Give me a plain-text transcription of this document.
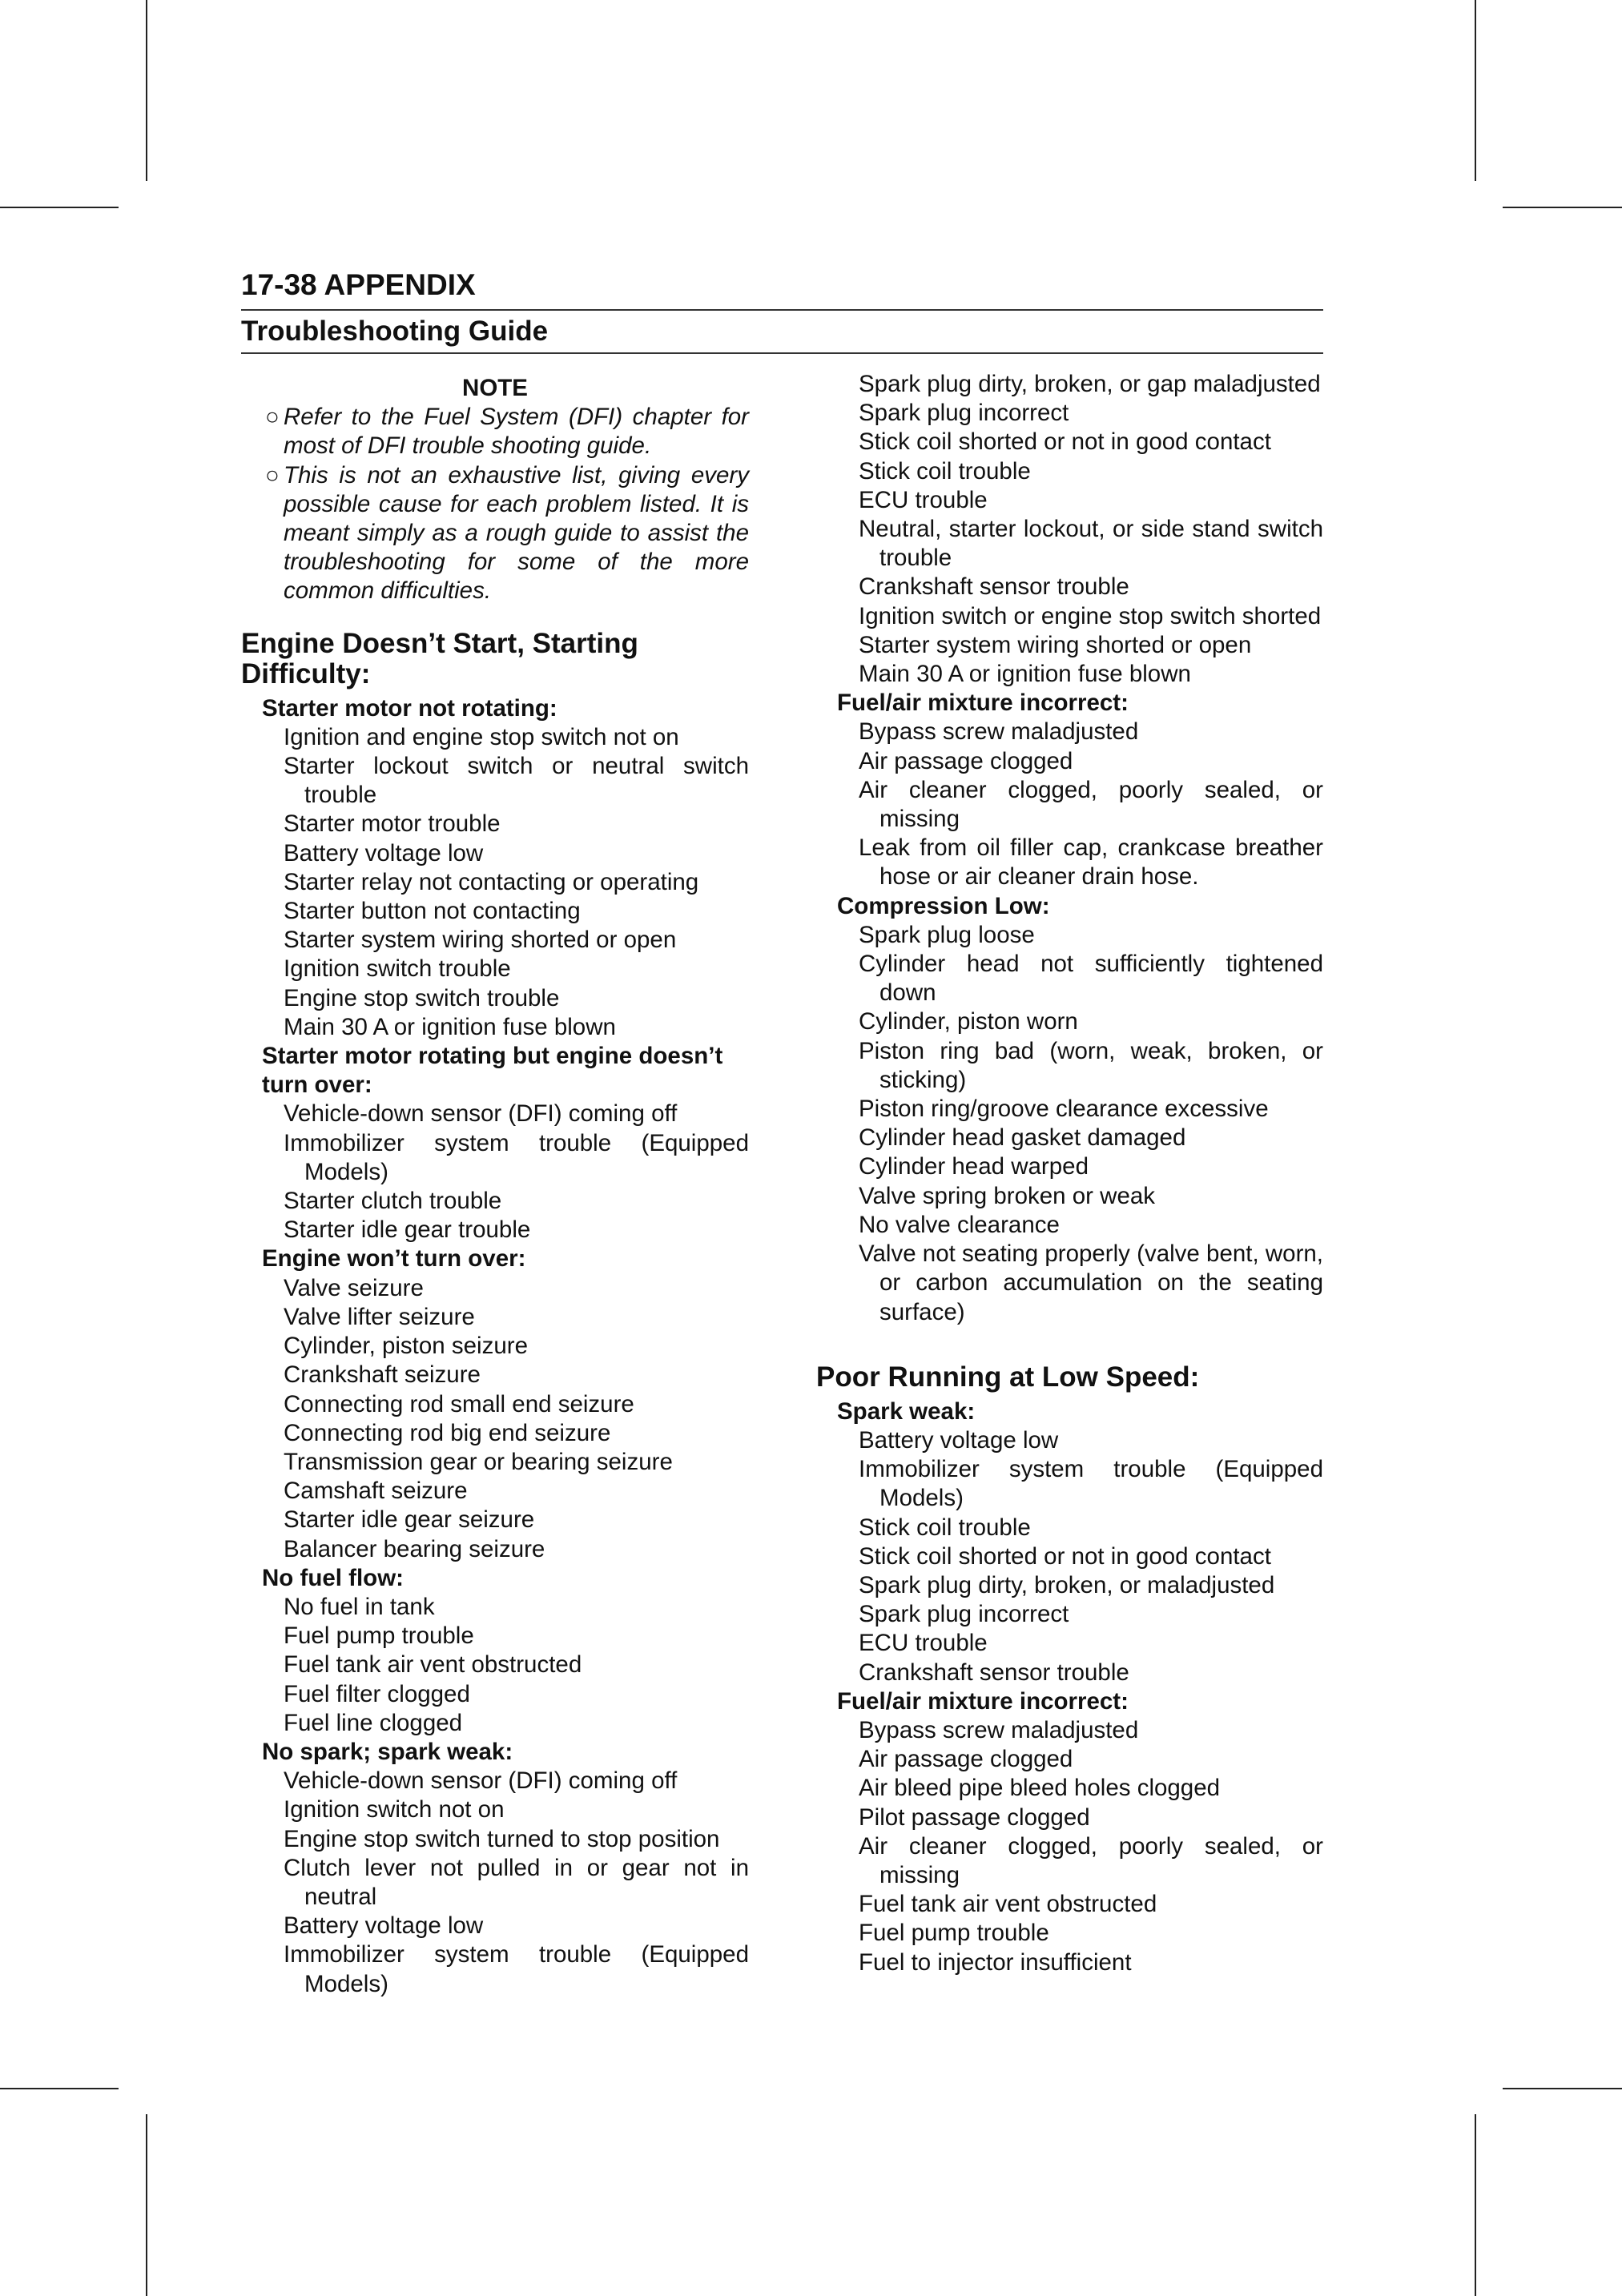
17-38 APPENDIX
Troubleshooting Guide
NOTE

○ Refer to the Fuel System (DFI) chapter for most of DFI trouble shooting guide.

○ This is not an exhaustive list, giving every possible cause for each problem listed. It is meant simply as a rough guide to assist the troubleshooting for some of the more common difficulties.

Engine Doesn’t Start, Starting Difficulty:

Starter motor not rotating:

Ignition and engine stop switch not on

Starter lockout switch or neutral switch trouble

Starter motor trouble

Battery voltage low

Starter relay not contacting or operating

Starter button not contacting

Starter system wiring shorted or open

Ignition switch trouble

Engine stop switch trouble

Main 30 A or ignition fuse blown

Starter motor rotating but engine doesn’t turn over:

Vehicle-down sensor (DFI) coming off

Immobilizer system trouble (Equipped Models)

Starter clutch trouble

Starter idle gear trouble

Engine won’t turn over:

Valve seizure

Valve lifter seizure

Cylinder, piston seizure

Crankshaft seizure

Connecting rod small end seizure

Connecting rod big end seizure

Transmission gear or bearing seizure

Camshaft seizure

Starter idle gear seizure

Balancer bearing seizure

No fuel flow:

No fuel in tank

Fuel pump trouble

Fuel tank air vent obstructed

Fuel filter clogged

Fuel line clogged

No spark; spark weak:

Vehicle-down sensor (DFI) coming off

Ignition switch not on

Engine stop switch turned to stop position

Clutch lever not pulled in or gear not in neutral

Battery voltage low

Immobilizer system trouble (Equipped Models)

Spark plug dirty, broken, or gap maladjusted

Spark plug incorrect

Stick coil shorted or not in good contact

Stick coil trouble

ECU trouble

Neutral, starter lockout, or side stand switch trouble

Crankshaft sensor trouble

Ignition switch or engine stop switch shorted

Starter system wiring shorted or open

Main 30 A or ignition fuse blown

Fuel/air mixture incorrect:

Bypass screw maladjusted

Air passage clogged

Air cleaner clogged, poorly sealed, or missing

Leak from oil filler cap, crankcase breather hose or air cleaner drain hose.

Compression Low:

Spark plug loose

Cylinder head not sufficiently tightened down

Cylinder, piston worn

Piston ring bad (worn, weak, broken, or sticking)

Piston ring/groove clearance excessive

Cylinder head gasket damaged

Cylinder head warped

Valve spring broken or weak

No valve clearance

Valve not seating properly (valve bent, worn, or carbon accumulation on the seating surface)

Poor Running at Low Speed:

Spark weak:

Battery voltage low

Immobilizer system trouble (Equipped Models)

Stick coil trouble

Stick coil shorted or not in good contact

Spark plug dirty, broken, or maladjusted

Spark plug incorrect

ECU trouble

Crankshaft sensor trouble

Fuel/air mixture incorrect:

Bypass screw maladjusted

Air passage clogged

Air bleed pipe bleed holes clogged

Pilot passage clogged

Air cleaner clogged, poorly sealed, or missing

Fuel tank air vent obstructed

Fuel pump trouble

Fuel to injector insufficient
